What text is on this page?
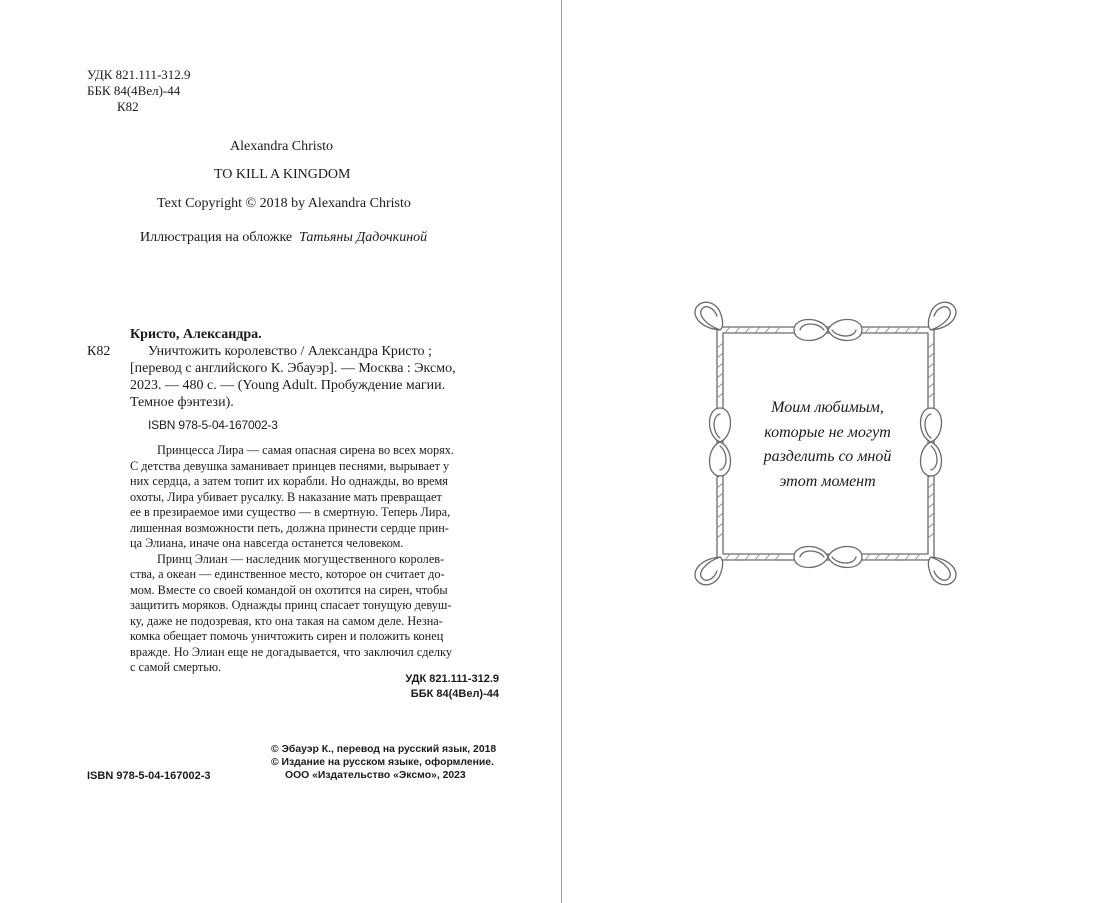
УДК 821.111-312.9
ББК 84(4Вел)-44
К82
Alexandra Christo
TO KILL A KINGDOM
Text Copyright © 2018 by Alexandra Christo
Иллюстрация на обложке Татьяны Дадочкиной
Кристо, Александра.
К82	Уничтожить королевство / Александра Кристо ;
[перевод с английского К. Эбауэр]. — Москва : Эксмо,
2023. — 480 с. — (Young Adult. Пробуждение магии.
Темное фэнтези).
ISBN 978-5-04-167002-3
Принцесса Лира — самая опасная сирена во всех морях.
С детства девушка заманивает принцев песнями, вырывает у
них сердца, а затем топит их корабли. Но однажды, во время
охоты, Лира убивает русалку. В наказание мать превращает
ее в презираемое ими существо — в смертную. Теперь Лира,
лишенная возможности петь, должна принести сердце прин-
ца Элиана, иначе она навсегда останется человеком.
Принц Элиан — наследник могущественного королев-
ства, а океан — единственное место, которое он считает до-
мом. Вместе со своей командой он охотится на сирен, чтобы
защитить моряков. Однажды принц спасает тонущую девуш-
ку, даже не подозревая, кто она такая на самом деле. Незна-
комка обещает помочь уничтожить сирен и положить конец
вражде. Но Элиан еще не догадывается, что заключил сделку
с самой смертью.
УДК 821.111-312.9
ББК 84(4Вел)-44
© Эбауэр К., перевод на русский язык, 2018
© Издание на русском языке, оформление.
ООО «Издательство «Эксмо», 2023
ISBN 978-5-04-167002-3
Моим любимым,
которые не могут
разделить со мной
этот момент
